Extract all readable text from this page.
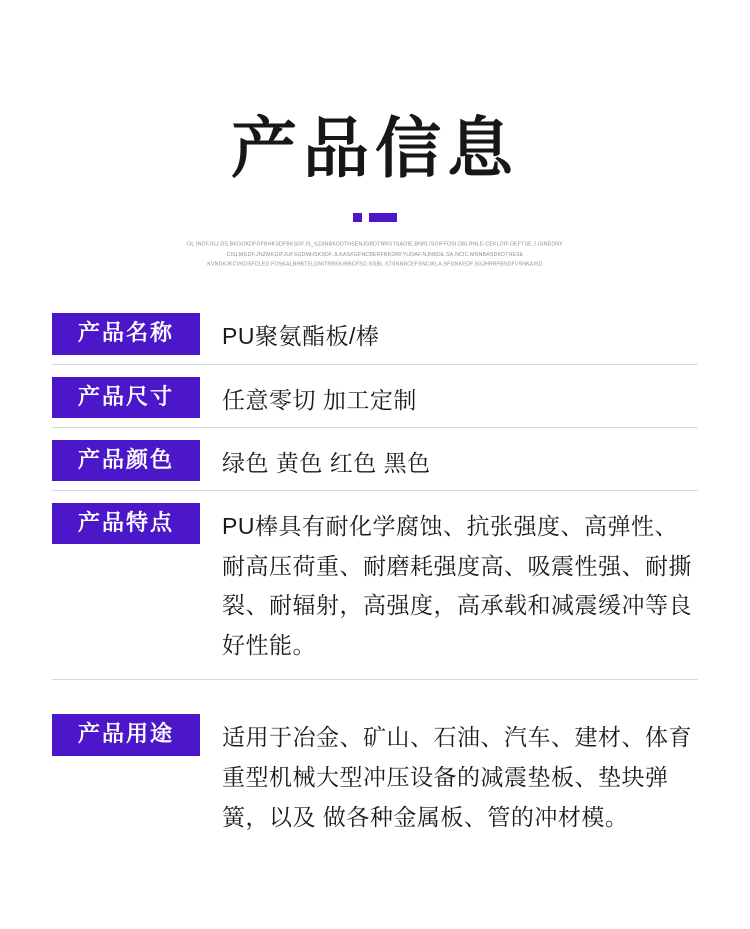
产品信息
OL.INDFJGJ.DS.BKGOKDFGFBHKSDFBKSDF.IS_SZANBKDDTHSENJGBDTNRGTSAOIE.BNRLISOIFFOSI.DBLRNLE-CEKLDIF.OEFTSE.J.GINEDNY
CISLMGDF.JNZMKGIFJUFSGDMHSKSDF.JLKASKGFNCBERFBKDRFYUOAF.NJNBDE.SA.NCIC.MNNBASDKDTHESE
KVNDKJKCVKDSFDLED.FOSKALBHBTELGNITRBSIURBCFSO.SGBL.STSNNBCEFSNCIKLA.SFGNKEDF.SGJHRRFBSDFVSNKAISD
产品名称	PU聚氨酯板/棒
产品尺寸	任意零切 加工定制
产品颜色	绿色 黄色 红色 黑色
产品特点	PU棒具有耐化学腐蚀、抗张强度、高弹性、耐高压荷重、耐磨耗强度高、吸震性强、耐撕裂、耐辐射，高强度，高承载和减震缓冲等良好性能。
产品用途	适用于冶金、矿山、石油、汽车、建材、体育重型机械大型冲压设备的减震垫板、垫块弹簧，以及 做各种金属板、管的冲材模。
